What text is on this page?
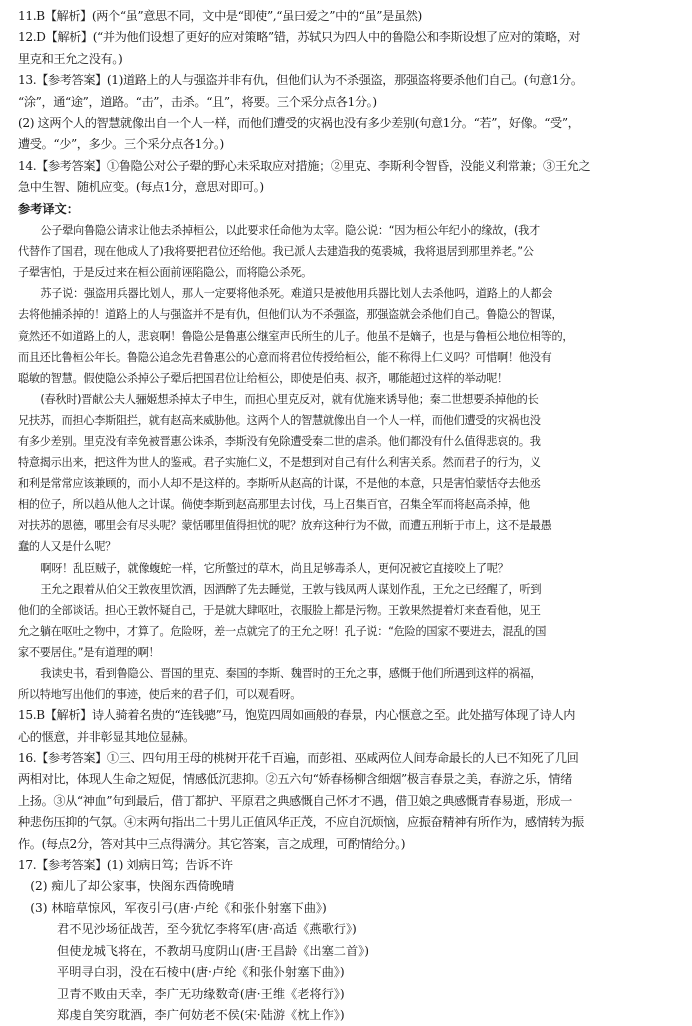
11.B【解析】(两个“虽”意思不同，文中是“即使”,“虽曰爱之”中的“虽”是虽然)
12.D【解析】(“并为他们设想了更好的应对策略”错，苏轼只为四人中的鲁隐公和李斯设想了应对的策略，对
里克和王允之没有。)
13.【参考答案】(1)道路上的人与强盗并非有仇，但他们认为不杀强盗，那强盗将要杀他们自己。(句意1分。
“涂”，通“途”，道路。“击”，击杀。“且”，将要。三个采分点各1分。)
(2) 这两个人的智慧就像出自一个人一样，而他们遭受的灾祸也没有多少差别(句意1分。“若”，好像。“受”，
遭受。“少”，多少。三个采分点各1分。)
14.【参考答案】①鲁隐公对公子翚的野心未采取应对措施；②里克、李斯利令智昏，没能义利常兼；③王允之
急中生智、随机应变。(每点1分，意思对即可。)
参考译文：
公子翚向鲁隐公请求让他去杀掉桓公，以此要求任命他为太宰。隐公说：“因为桓公年纪小的缘故，(我才
代替作了国君，现在他成人了)我将要把君位还给他。我已派人去建造我的菟裘城，我将退居到那里养老。”公
子翚害怕，于是反过来在桓公面前诬陷隐公，而将隐公杀死。
苏子说：强盗用兵器比划人，那人一定要将他杀死。难道只是被他用兵器比划人去杀他吗，道路上的人都会
去将他捕杀掉的！道路上的人与强盗并不是有仇，但他们认为不杀强盗，那强盗就会杀他们自己。鲁隐公的智谋，
竟然还不如道路上的人，悲哀啊！鲁隐公是鲁惠公继室声氏所生的儿子。他虽不是嫡子，也是与鲁桓公地位相等的，
而且还比鲁桓公年长。鲁隐公追念先君鲁惠公的心意而将君位传授给桓公，能不称得上仁义吗？可惜啊！他没有
聪敏的智慧。假使隐公杀掉公子翚后把国君位让给桓公，即使是伯夷、叔齐，哪能超过这样的举动呢！
(春秋时)晋献公夫人骊姬想杀掉太子申生，而担心里克反对，就有优施来诱导他；秦二世想要杀掉他的长
兄扶苏，而担心李斯阻拦，就有赵高来威胁他。这两个人的智慧就像出自一个人一样，而他们遭受的灾祸也没
有多少差别。里克没有幸免被晋惠公诛杀，李斯没有免除遭受秦二世的虐杀。他们都没有什么值得悲哀的。我
特意揭示出来，把这件为世人的鉴戒。君子实施仁义，不是想到对自己有什么利害关系。然而君子的行为，义
和利是常常应该兼顾的，而小人却不是这样的。李斯听从赵高的计谋，不是他的本意，只是害怕蒙恬夺去他丞
相的位子，所以趋从他人之计谋。倘使李斯到赵高那里去讨伐，马上召集百官，召集全军而将赵高杀掉，他
对扶苏的恩德，哪里会有尽头呢？蒙恬哪里值得担忧的呢？放弃这种行为不做，而遭五刑斩于市上，这不是最愚
蠢的人又是什么呢？
啊呀！乱臣贼子，就像蝮蛇一样，它所螫过的草木，尚且足够毒杀人，更何况被它直接咬上了呢？
王允之跟着从伯父王敦夜里饮酒，因酒醉了先去睡觉，王敦与钱凤两人谋划作乱，王允之已经醒了，听到
他们的全部谈话。担心王敦怀疑自己，于是就大肆呕吐，衣服脸上都是污物。王敦果然提着灯来查看他，见王
允之躺在呕吐之物中，才算了。危险呀，差一点就完了的王允之呀！孔子说：“危险的国家不要进去，混乱的国
家不要居住。”是有道理的啊！
我读史书，看到鲁隐公、晋国的里克、秦国的李斯、魏晋时的王允之事，感慨于他们所遇到这样的祸福，
所以特地写出他们的事迹，使后来的君子们，可以观看呀。
15.B【解析】诗人骑着名贵的“连钱骢”马，饱览四周如画般的春景，内心惬意之至。此处描写体现了诗人内
心的惬意，并非彰显其地位显赫。
16.【参考答案】①三、四句用王母的桃树开花千百遍，而彭祖、巫咸两位人间寿命最长的人已不知死了几回
两相对比，体现人生命之短促，情感低沉悲抑。②五六句“娇春杨柳含细烟”极言春景之美，春游之乐，情绪
上扬。③从“神血”句到最后，借丁都护、平原君之典感慨自己怀才不遇，借卫娘之典感慨青春易逝，形成一
种悲伤压抑的气氛。④末两句指出二十男儿正值风华正茂，不应自沉烦恼，应振奋精神有所作为，感情转为振
作。(每点2分，答对其中三点得满分。其它答案，言之成理，可酌情给分。)
17.【参考答案】(1) 刘病日笃；告诉不许
(2) 痴儿了却公家事，快阁东西倚晚晴
(3) 林暗草惊风，军夜引弓(唐·卢纶《和张仆射塞下曲》)
君不见沙场征战苦，至今犹忆李将军(唐·高适《燕歌行》)
但使龙城飞将在，不教胡马度阴山(唐·王昌龄《出塞二首》)
平明寻白羽，没在石棱中(唐·卢纶《和张仆射塞下曲》)
卫青不败由天幸，李广无功缘数奇(唐·王维《老将行》)
郑虔自笑穷耽酒，李广何妨老不侯(宋·陆游《枕上作》)
